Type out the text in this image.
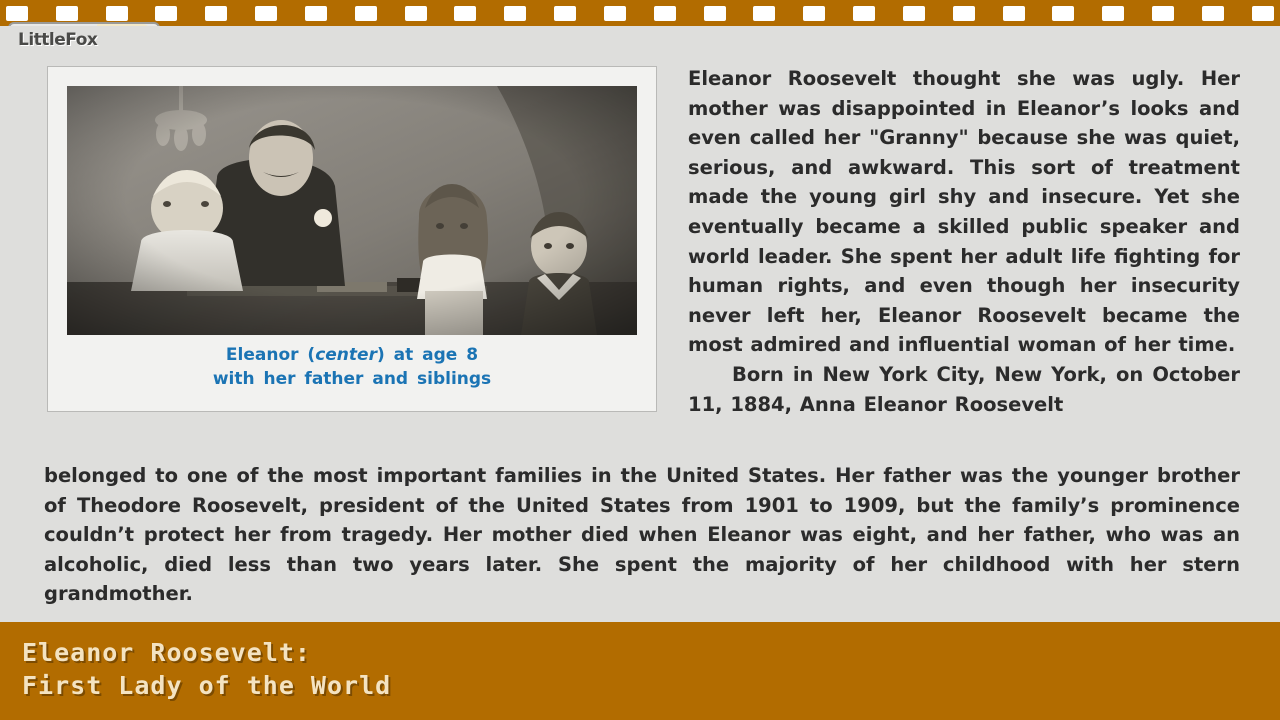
LittleFox
Eleanor (center) at age 8
with her father and siblings

Eleanor Roosevelt thought she was ugly. Her mother was disappointed in Eleanor’s looks and even called her "Granny" because she was quiet, serious, and awkward. This sort of treatment made the young girl shy and insecure. Yet she eventually became a skilled public speaker and world leader. She spent her adult life fighting for human rights, and even though her insecurity never left her, Eleanor Roosevelt became the most admired and influential woman of her time.

Born in New York City, New York, on October 11, 1884, Anna Eleanor Roosevelt

belonged to one of the most important families in the United States. Her father was the younger brother of Theodore Roosevelt, president of the United States from 1901 to 1909, but the family’s prominence couldn’t protect her from tragedy. Her mother died when Eleanor was eight, and her father, who was an alcoholic, died less than two years later. She spent the majority of her childhood with her stern grandmother.

Eleanor Roosevelt:
First Lady of the World
